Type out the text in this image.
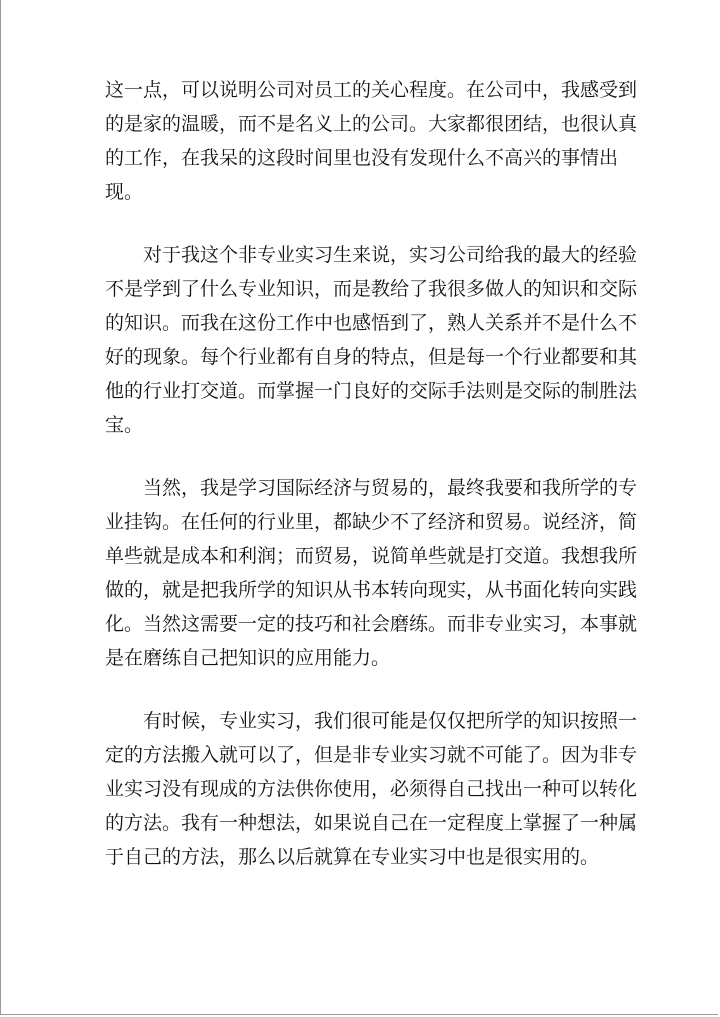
这一点，可以说明公司对员工的关心程度。在公司中，我感受到
的是家的温暖，而不是名义上的公司。大家都很团结，也很认真
的工作，在我呆的这段时间里也没有发现什么不高兴的事情出
现。

对于我这个非专业实习生来说，实习公司给我的最大的经验
不是学到了什么专业知识，而是教给了我很多做人的知识和交际
的知识。而我在这份工作中也感悟到了，熟人关系并不是什么不
好的现象。每个行业都有自身的特点，但是每一个行业都要和其
他的行业打交道。而掌握一门良好的交际手法则是交际的制胜法
宝。

当然，我是学习国际经济与贸易的，最终我要和我所学的专
业挂钩。在任何的行业里，都缺少不了经济和贸易。说经济，简
单些就是成本和利润；而贸易，说简单些就是打交道。我想我所
做的，就是把我所学的知识从书本转向现实，从书面化转向实践
化。当然这需要一定的技巧和社会磨练。而非专业实习，本事就
是在磨练自己把知识的应用能力。

有时候，专业实习，我们很可能是仅仅把所学的知识按照一
定的方法搬入就可以了，但是非专业实习就不可能了。因为非专
业实习没有现成的方法供你使用，必须得自己找出一种可以转化
的方法。我有一种想法，如果说自己在一定程度上掌握了一种属
于自己的方法，那么以后就算在专业实习中也是很实用的。
